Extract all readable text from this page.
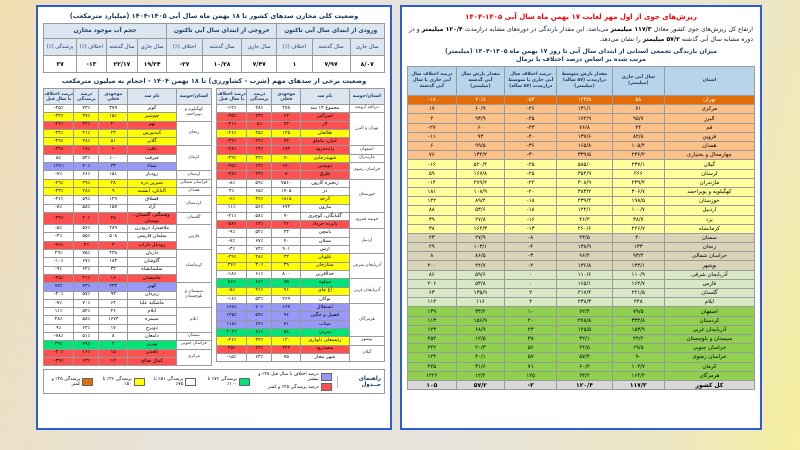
وضعیت کلی مخازن سدهای کشور تا ۱۸ بهمن ماه سال آبی ۱۴۰۵-۱۴۰۴ (میلیارد مترمکعب)
ورودی از ابتدای سال آبی تاکنون			خروجی از ابتدای سال آبی تاکنون			حجم آب موجود مخازن			
سال جاری	سال گذشته	اختلاف (٪)	سال جاری	سال گذشته	اختلاف (٪)	سال جاری	سال گذشته	اختلاف (٪)	پرشدگی (٪)
۸/۰۷	۷/۹۷	۱	۷/۴۷	۱۰/۲۸	-۲۷	۱۹/۲۴	۲۲/۱۷	-۱۳	۳۷
وضعیت برخی از سدهای مهم (شرب - کشاورزی) تا ۱۸ بهمن ۱۴۰۴ - احجام به میلیون مترمکعب
استان/حوضه	نام سد	موجودی فعلی	درصد پرشدگی	درصد اختلاف با سال قبل
دریاچه ارومیه	مجموع ۱۳ سد	۴۷۸	۴۸٪	-۱۲٪
تهران و البرز	امیرکبیر	۶۲	۲۳٪	-۳۵٪
	لار	۷۲	۸٪	-۴۱٪
	طالقان	۱۴۵	۳۵٪	-۲۶٪
	لتیان، ماملو	۷۳	۲۲٪	-۴۲٪
اصفهان	زاینده‌رود	۱۷۲	۱۴٪	-۲۸٪
مازندران	شهیدرجایی	۷۰	۴۳٪	-۲۹٪
خراسان رضوی	دوستی	۱۷۰	۱۴٪	-۴۵٪
	طرق	۸	۲۳٪	-۴۸٪
خوزستان	زنجیره کارون	۷۵۶۰	۵۹٪	-۸٪
	دز	۱۷۰۵	۶۵٪	۴٪
	کرخه	۱۸۱۵	۳۶٪	-۶٪
	مارون	۶۷۲	۵۶٪	۱۱٪
حوضه قمرود	گلپایگان، کوچری	۹۰	۵۸٪	-۲۱٪
	پانزده خرداد	۲۶	۱۳٪	-۵۶٪
اردبیل	یامچی	۳۳	۵۴٪	-۹٪
	سبلان	۷۰	۶۷٪	-۷٪
	ارس	۹۰۱	۷۴٪	-۴٪
آذربایجان شرقی	علویان	۳۳	۴۸٪	-۲۹٪
	ستارخان	۳۹	۳۰٪	۳۶٪
	خداآفرین	۸۰۰	۶۱٪	-۱۸٪
آذربایجان غربی	سیلوه	۷۵	۸۶٪	۵۶٪
	آغ چای	۹۶	۴۶٪	-۵٪
	بوکان	۲۶۹	۵۳٪	-۱۶٪
هرمزگان	استقلال	۱۶۷	۷۰٪	۱۶۸٪
	فصیل و جگین	۹۶	۵۹٪	۱۴۵٪
	میناب	۷۱	۶۲٪	۱۱۸٪
	سرنی	۵۸	۸۱٪	۲۰۴٪
بوشهر	رئیسعلی دلواری	۱۴۰	۴۳٪	-۴۶٪
گیلان	سفیدرود	۲۴۴	۲۳٪	۴۵٪
	شهر بیجار	۷۵	۶۳٪	-۱۵٪
استان/حوضه	نام سد	موجودی فعلی	درصد پرشدگی	درصد اختلاف با سال قبل
کهگیلویه و بویراحمد	کوثر	۳۷۹	۷۳٪	-۲۵٪
	چم‌شیر	۱۵۱	۳۷٪	-۳۲٪
زنجان	تهم	۲۰	۲۴٪	-۴۶٪
	کینه‌ورس	۲۳	۴۱٪	-۳۴٪
	گلابر	۵۱	۴۸٪	-۲۹٪
کرمان	بافت	۶	۱۷٪	-۳۹٪
	جیرفت	۱۰۰	۵۴٪	۵٪
	نساء	۳۳	۷۰٪	۱۴۶٪
لرستان	رودبار	۱۵۱	۶۶٪	-۷٪
خراسان شمالی	شیرین دره	۲۸	۳۹٪	-۲۹٪
همدان	اکباتان، آبشینه	۹	۲۸٪	-۳۳٪
کردستان	قشلاق	۱۲۹	۵۹٪	-۲۶٪
	آزاد	۱۵۷	۵۸٪	-۸٪
گلستان	وشمگیر، گلستان، بوستان	۴۵	۲۰٪	-۳۹٪
فارس	ملاصدرا، درودزن	۲۸۹	۵۶٪	-۵٪
	سلمان فارسی	۵۰۸	۵۵٪	-۴٪
	رودبال داراب	۳	۴٪	-۷۶٪
کرمانشاه	داریان	۲۳۸	۷۵٪	۲۹٪
	گاوشان	۱۸۳	۶۷٪	-۱۰٪
	سلیمانشاه	۳۲	۶۲٪	-۹٪
	جامیشان	۱۶	۲۱٪	-۴۵٪
سیستان و بلوچستان	کهیر	۲۳۳	۷۳٪	۷۷٪
	زیردان	۹۳	۵۷٪	-۲۰٪
	ماشکید علیا	۶۲	۷۰٪	-۷٪
ایلام	ایلام	۲۶	۵۲٪	۱۱٪
	سیمره	۱۶۷۳	۵۸٪	۲۸٪
	دویرج	۱۷	۶۴٪	۹٪
سمنان	دامغان	۸	۵۱٪	-۷۸٪
خراسان جنوبی	نهرین	۴	۷۹٪	۳۹٪
مرکزی	الغدیر	۱۵	۱۶٪	-۴۰٪
	کمال صالح	۱۲	۱۳٪	-۳۹٪
راهنمای جــدول
درصد اختلاف با سال قبل ۲۵٪ و بیشتر
درصد پرشدگی ۲۵٪ و کمتر
پرشدگی ۷۶٪ تا ۱۰۰٪
پرشدگی ۵۱٪ تا ۷۵٪
پرشدگی ۲۶٪ تا ۵۰٪
پرشدگی ۲۵٪ و کمتر
ریزش‌های جوی از اول مهر لغایت ۱۷ بهمن ماه سال آبی ۱۴۰۵-۱۴۰۴

ارتفاع کل ریزش‌های جوی کشور معادل ۱۱۷/۳ میلیمتر می‌باشد. این مقدار بارندگی در دوره‌های مشابه درازمدت ۱۲۰/۴ میلیمتر و در دوره مشابه سال آبی گذشته ۵۷/۲ میلیمتر را نشان می‌دهد.

میزان بارندگی تجمعی استانی از ابتدای سال آبی تا روز ۱۷ بهمن ماه ۱۴۰۵-۱۴۰۴ (میلیمتر)
مرتب شده بر اساس درصد اختلاف با نرمال
استان	سال آبی جاری (میلیمتر)	مقدار بارش متوسط درازمدت (۵۷ ساله) (میلیمتر)	درصد اختلاف سال آبی جاری با متوسط درازمدت (۵۷ ساله)	مقدار بارش سال آبی گذشته (میلیمتر)	درصد اختلاف سال آبی جاری با سال آبی گذشته
تهران	۵۸	۱۲۳/۵	-۵۳	۷۰/۸	-۱۸
مرکزی	۷۱	۱۳۱/۱	-۴۶	۶۰/۹	۱۷
البرز	۹۵/۷	۱۷۲/۹	-۴۵	۹۳/۹	۲
قم	۴۴	۷۶/۸	-۴۳	۶۰	-۲۷
قزوین	۸۲/۸	۱۳۷/۶	-۴۰	۹۳	-۱۱
همدان	۱۰۵/۴	۱۶۵/۸	-۳۶	۹۹/۵	۶
چهارمحال و بختیاری	۲۳۶/۲	۳۳۹/۵	-۳۰	۱۳۴/۲	۷۶
گیلان	۴۳۷/۱	۵۸۵/۰	-۲۵	۵۲۰/۴	-۱۶
لرستان	۲۶۶	۳۵۴/۹	-۲۵	۱۶۷/۸	۵۹
مازندران	۲۳۹/۴	۳۰۸/۹	-۲۲	۲۷۹/۲	-۱۴
کهگیلویه و بویراحمد	۳۰۶/۷	۳۸۳/۲	-۲۰	۱۰۸/۹	۱۸۱
خوزستان	۱۹۸/۵	۲۳۹/۴	-۱۸	۸۹/۴	۱۲۲
اردبیل	۱۰۰/۷	۱۲۴/۱	-۱۸	۵۳/۶	۸۸
یزد	۳۸/۷	۴۶/۲	-۱۶	۲۷/۸	۳۹
کرمانشاه	۲۲۶/۷	۲۶۰/۶	-۱۳	۱۶۴/۳	۳۸
سمنان	۴۰	۴۳/۵	-۸	۲۷/۹	۴۳
زنجان	۱۳۳	۱۳۸/۹	-۴	۱۰۳/۱	۲۹
خراسان شمالی	۹۳/۴	۹۶/۴	-۳	۸۶/۵	۸
بوشهر	۱۳۴/۱	۱۳۶/۸	-۲	۴۴/۷	۲۰۰
آذربایجان شرقی	۱۱۰/۹	۱۱۰/۶	۰	۵۹/۶	۸۶
فارس	۱۶۴/۷	۱۶۵/۱	۰	۵۳/۸	۲۰۶
گلستان	۲۲۱/۵	۲۱۷/۴	۲	۱۳۵/۹	۶۳
ایلام	۲۴۸	۲۳۸/۳	۴	۱۱۶	۱۱۴
اصفهان	۷۹/۵	۷۲/۴	۱۰	۳۳/۲	۱۳۹
کردستان	۳۳۴/۸	۲۷۸/۸	۲۰	۱۵۶/۹	۱۱۳
آذربایجان غربی	۱۵۳/۹	۱۲۵/۵	۲۳	۶۸/۹	۱۲۳
سیستان و بلوچستان	۴۴/۲	۳۲/۱	۳۸	۱۲/۵	۲۵۴
خراسان جنوبی	۶۹/۵	۴۴/۵	۵۶	۲۰/۳	۲۴۲
خراسان رضوی	۹۰	۵۷/۴	۵۷	۴۰/۱	۱۲۴
کرمان	۱۰۲/۷	۶۰/۲	۷۱	۳۱/۶	۲۲۵
هرمزگان	۱۶۴/۴	۷۳/۲	۱۲۵	۱۲/۴	۱۲۲۶
کل کشور	۱۱۷/۳	۱۲۰/۴	-۳	۵۷/۲	۱۰۵
